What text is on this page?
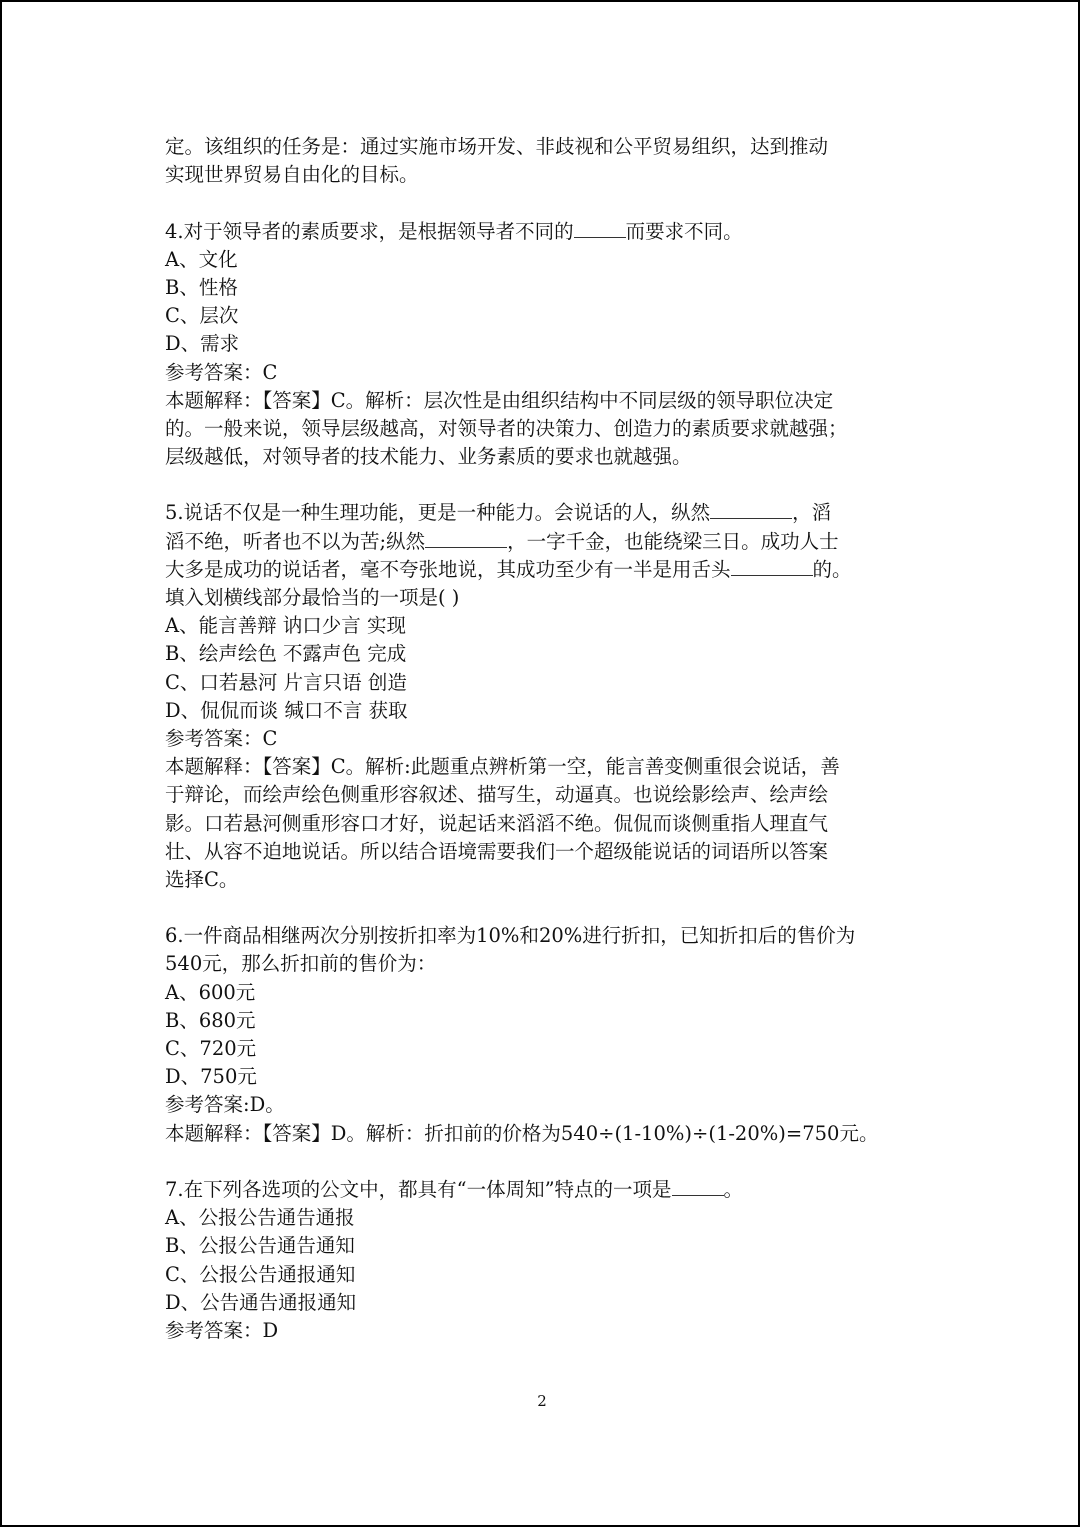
定。该组织的任务是：通过实施市场开发、非歧视和公平贸易组织，达到推动
实现世界贸易自由化的目标。
4.对于领导者的素质要求，是根据领导者不同的	而要求不同。
A、文化
B、性格
C、层次
D、需求
参考答案：C
本题解释：【答案】C。解析：层次性是由组织结构中不同层级的领导职位决定
的。一般来说，领导层级越高，对领导者的决策力、创造力的素质要求就越强；
层级越低，对领导者的技术能力、业务素质的要求也就越强。
5.说话不仅是一种生理功能，更是一种能力。会说话的人，纵然	，滔
滔不绝，听者也不以为苦;纵然	，一字千金，也能绕梁三日。成功人士
大多是成功的说话者，毫不夸张地说，其成功至少有一半是用舌头	的。
填入划横线部分最恰当的一项是( )
A、能言善辩 讷口少言 实现
B、绘声绘色 不露声色 完成
C、口若悬河 片言只语 创造
D、侃侃而谈 缄口不言 获取
参考答案：C
本题解释：【答案】C。解析:此题重点辨析第一空，能言善变侧重很会说话，善
于辩论，而绘声绘色侧重形容叙述、描写生，动逼真。也说绘影绘声、绘声绘
影。口若悬河侧重形容口才好，说起话来滔滔不绝。侃侃而谈侧重指人理直气
壮、从容不迫地说话。所以结合语境需要我们一个超级能说话的词语所以答案
选择C。
6.一件商品相继两次分别按折扣率为10%和20%进行折扣，已知折扣后的售价为
540元，那么折扣前的售价为：
A、600元
B、680元
C、720元
D、750元
参考答案:D。
本题解释：【答案】D。解析：折扣前的价格为540÷(1-10%)÷(1-20%)=750元。
7.在下列各选项的公文中，都具有“一体周知”特点的一项是	。
A、公报公告通告通报
B、公报公告通告通知
C、公报公告通报通知
D、公告通告通报通知
参考答案：D
2
